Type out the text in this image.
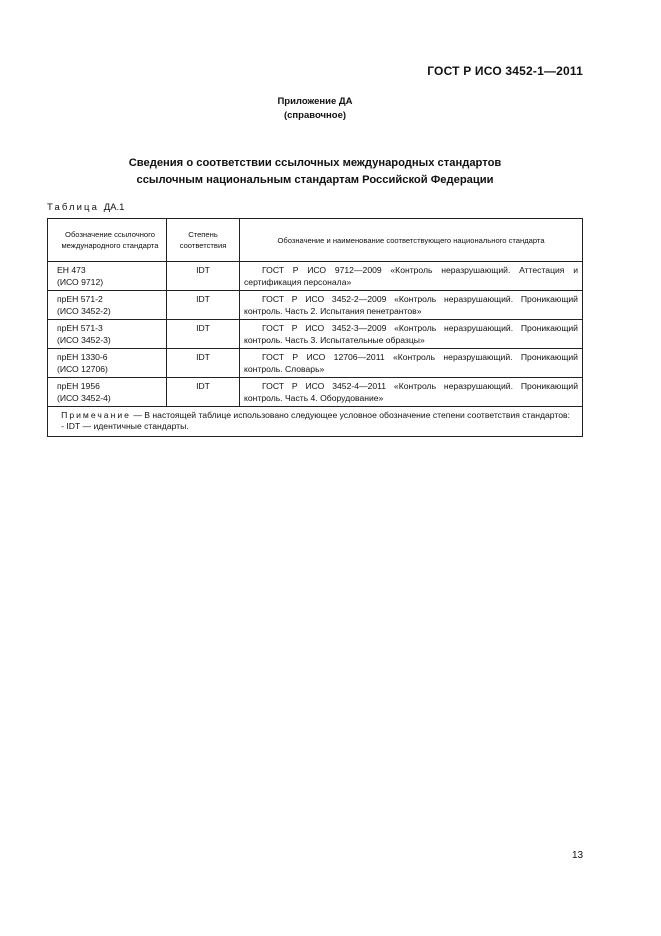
ГОСТ Р ИСО 3452-1—2011
Приложение ДА
(справочное)
Сведения о соответствии ссылочных международных стандартов
ссылочным национальным стандартам Российской Федерации
Таблица ДА.1
Обозначение ссылочного международного стандарта	Степень соответствия	Обозначение и наименование соответствующего национального стандарта

ЕН 473
(ИСО 9712)	IDT	ГОСТ Р ИСО 9712—2009 «Контроль неразрушающий. Аттестация и сертификация персонала»

прЕН 571-2
(ИСО 3452-2)	IDT	ГОСТ Р ИСО 3452-2—2009 «Контроль неразрушающий. Проникающий контроль. Часть 2. Испытания пенетрантов»

прЕН 571-3
(ИСО 3452-3)	IDT	ГОСТ Р ИСО 3452-3—2009 «Контроль неразрушающий. Проникающий контроль. Часть 3. Испытательные образцы»

прЕН 1330-6
(ИСО 12706)	IDT	ГОСТ Р ИСО 12706—2011 «Контроль неразрушающий. Проникающий контроль. Словарь»

прЕН 1956
(ИСО 3452-4)	IDT	ГОСТ Р ИСО 3452-4—2011 «Контроль неразрушающий. Проникающий контроль. Часть 4. Оборудование»

Примечание — В настоящей таблице использовано следующее условное обозначение степени соответствия стандартов:
- IDT — идентичные стандарты.		
13
